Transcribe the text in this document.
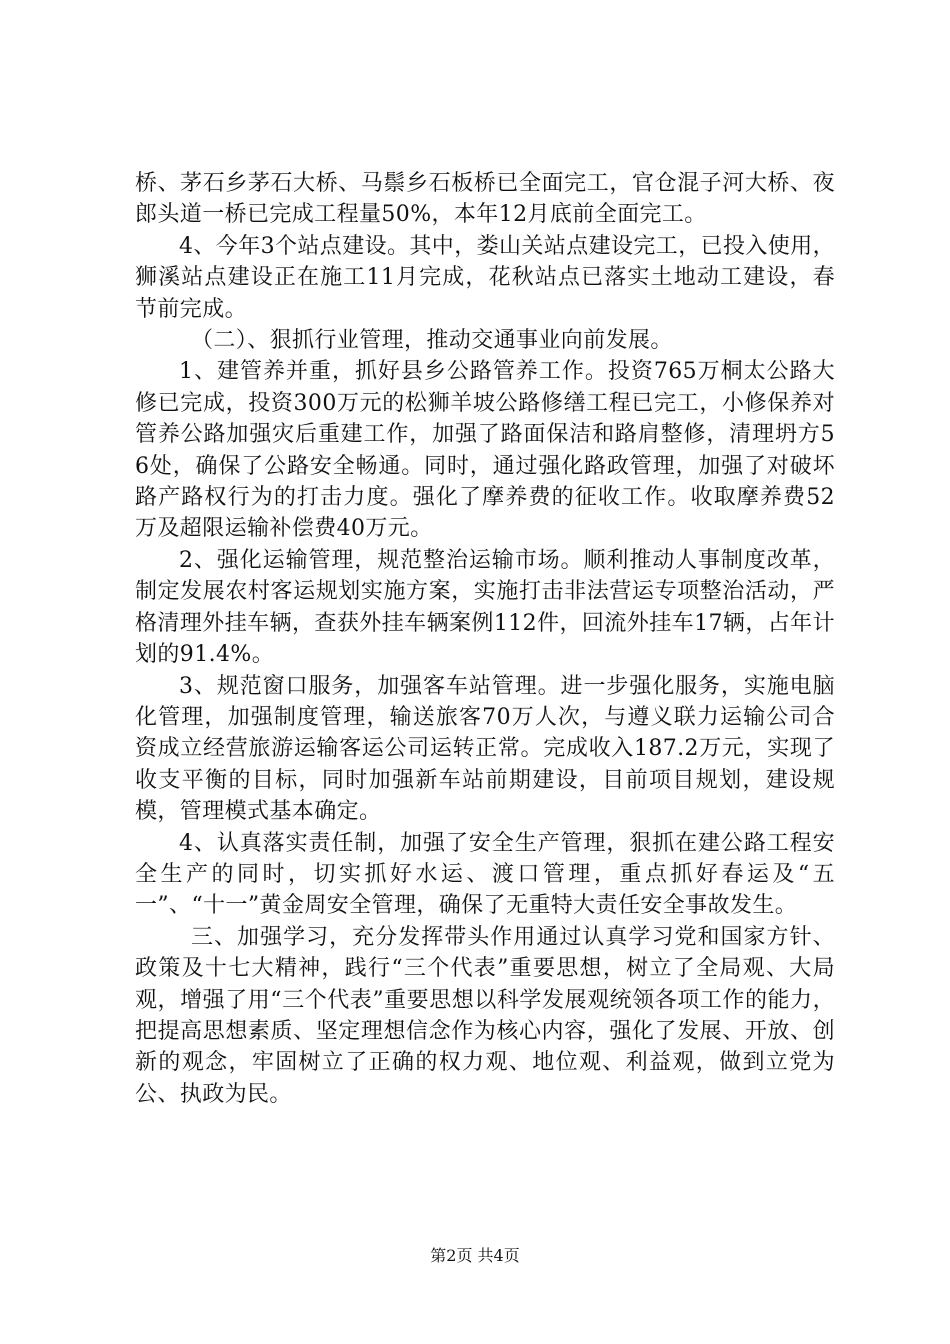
桥、茅石乡茅石大桥、马鬃乡石板桥已全面完工，官仓混子河大桥、夜郎头道一桥已完成工程量50%，本年12月底前全面完工。

4、今年3个站点建设。其中，娄山关站点建设完工，已投入使用，狮溪站点建设正在施工11月完成，花秋站点已落实土地动工建设，春节前完成。

（二）、狠抓行业管理，推动交通事业向前发展。

1、建管养并重，抓好县乡公路管养工作。投资765万桐太公路大修已完成，投资300万元的松狮羊坡公路修缮工程已完工，小修保养对管养公路加强灾后重建工作，加强了路面保洁和路肩整修，清理坍方56处，确保了公路安全畅通。同时，通过强化路政管理，加强了对破坏路产路权行为的打击力度。强化了摩养费的征收工作。收取摩养费52万及超限运输补偿费40万元。

2、强化运输管理，规范整治运输市场。顺利推动人事制度改革，制定发展农村客运规划实施方案，实施打击非法营运专项整治活动，严格清理外挂车辆，查获外挂车辆案例112件，回流外挂车17辆，占年计划的91.4%。

3、规范窗口服务，加强客车站管理。进一步强化服务，实施电脑化管理，加强制度管理，输送旅客70万人次，与遵义联力运输公司合资成立经营旅游运输客运公司运转正常。完成收入187.2万元，实现了收支平衡的目标，同时加强新车站前期建设，目前项目规划，建设规模，管理模式基本确定。

4、认真落实责任制，加强了安全生产管理，狠抓在建公路工程安全生产的同时，切实抓好水运、渡口管理，重点抓好春运及“五一”、“十一”黄金周安全管理，确保了无重特大责任安全事故发生。

三、加强学习，充分发挥带头作用通过认真学习党和国家方针、政策及十七大精神，践行“三个代表”重要思想，树立了全局观、大局观，增强了用“三个代表”重要思想以科学发展观统领各项工作的能力，把提高思想素质、坚定理想信念作为核心内容，强化了发展、开放、创新的观念，牢固树立了正确的权力观、地位观、利益观，做到立党为公、执政为民。

第2页 共4页
